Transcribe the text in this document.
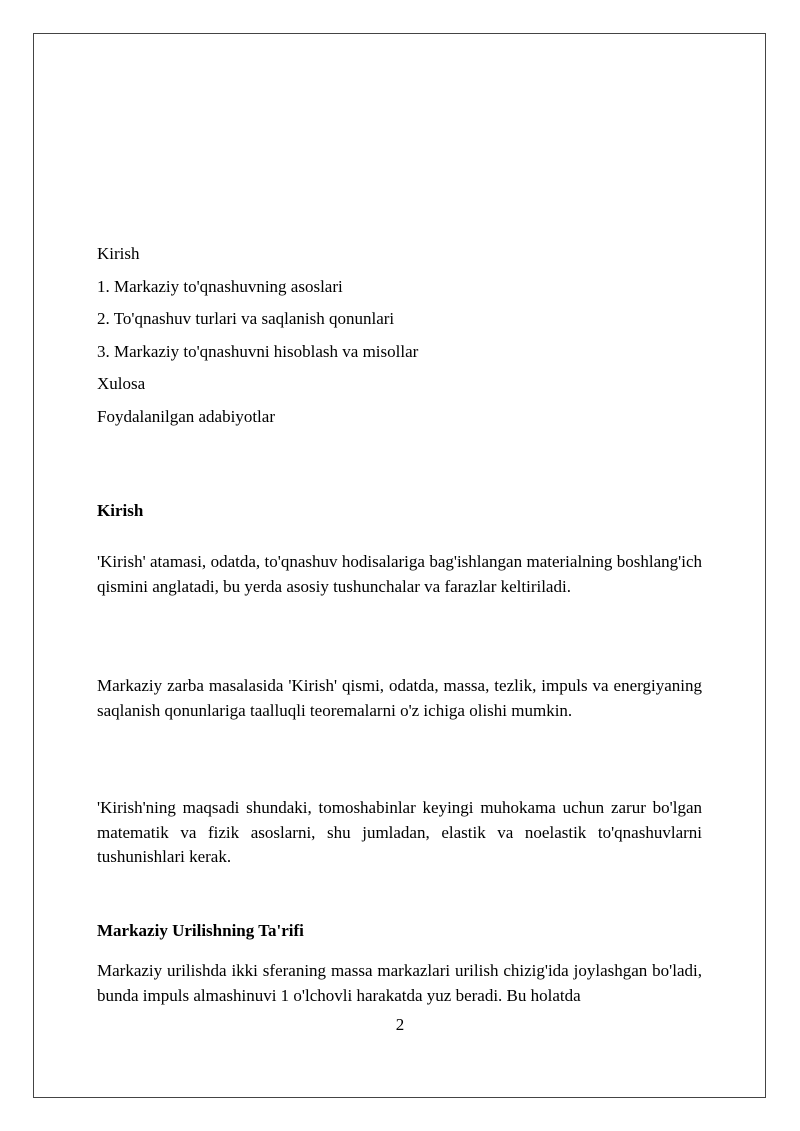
Kirish
1. Markaziy to'qnashuvning asoslari
2. To'qnashuv turlari va saqlanish qonunlari
3. Markaziy to'qnashuvni hisoblash va misollar
Xulosa
Foydalanilgan adabiyotlar
Kirish

'Kirish' atamasi, odatda, to'qnashuv hodisalariga bag'ishlangan materialning boshlang'ich qismini anglatadi, bu yerda asosiy tushunchalar va farazlar keltiriladi.

Markaziy zarba masalasida 'Kirish' qismi, odatda, massa, tezlik, impuls va energiyaning saqlanish qonunlariga taalluqli teoremalarni o'z ichiga olishi mumkin.

'Kirish'ning maqsadi shundaki, tomoshabinlar keyingi muhokama uchun zarur bo'lgan matematik va fizik asoslarni, shu jumladan, elastik va noelastik to'qnashuvlarni tushunishlari kerak.

Markaziy Urilishning Ta'rifi

Markaziy urilishda ikki sferaning massa markazlari urilish chizig'ida joylashgan bo'ladi, bunda impuls almashinuvi 1 o'lchovli harakatda yuz beradi. Bu holatda

2
